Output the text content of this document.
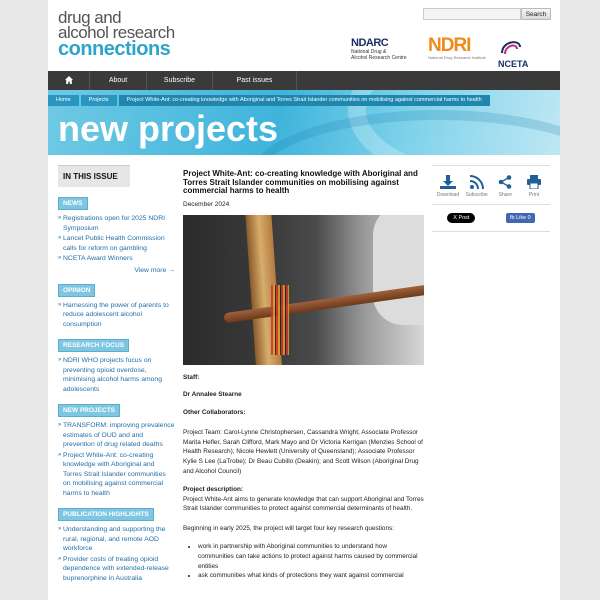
drug and
alcohol research
connections
Search
NDARC
National Drug &
Alcohol Research Centre
NDRI
National Drug Research Institute
NCETA
About	Subscribe	Past issues
Home	Projects	Project White-Ant: co-creating knowledge with Aboriginal and Torres Strait Islander communities on mobilising against commercial harms to health
new projects
IN THIS ISSUE
NEWS
» Registrations open for 2025 NDRI Symposium
» Lancet Public Health Commission calls for reform on gambling
» NCETA Award Winners
View more →
OPINION
» Harnessing the power of parents to reduce adolescent alcohol consumption
RESEARCH FOCUS
» NDRI WHO projects focus on preventing opioid overdose, minimising alcohol harms among adolescents
NEW PROJECTS
» TRANSFORM: improving prevalence estimates of OUD and and prevention of drug related deaths
» Project White-Ant: co-creating knowledge with Aboriginal and Torres Strait Islander communities on mobilising against commercial harms to health
PUBLICATION HIGHLIGHTS
» Understanding and supporting the rural, regional, and remote AOD workforce
» Provider costs of treating opioid dependence with extended-release buprenorphine in Australia
Project White-Ant: co-creating knowledge with Aboriginal and Torres Strait Islander communities on mobilising against commercial harms to health
December 2024
Staff:
Dr Annalee Stearne
Other Collaborators:

Project Team: Carol-Lynne Christophersen, Cassandra Wright, Associate Professor Marita Hefler, Sarah Clifford, Mark Mayo and Dr Victoria Kerrigan (Menzies School of Health Research); Nicole Hewlett (University of Queensland); Associate Professor Kylie S Lee (LaTrobe); Dr Beau Cubillo (Deakin); and Scott Wilson (Aboriginal Drug and Alcohol Council)

Project description:

Project White-Ant aims to generate knowledge that can support Aboriginal and Torres Strait Islander communities to protect against commercial determinants of health.

Beginning in early 2025, the project will target four key research questions:

• work in partnership with Aboriginal communities to understand how communities can take actions to protect against harms caused by commercial entities
• ask communities what kinds of protections they want against commercial
Download	Subscribe	Share	Print
X Post	fb Like 0
